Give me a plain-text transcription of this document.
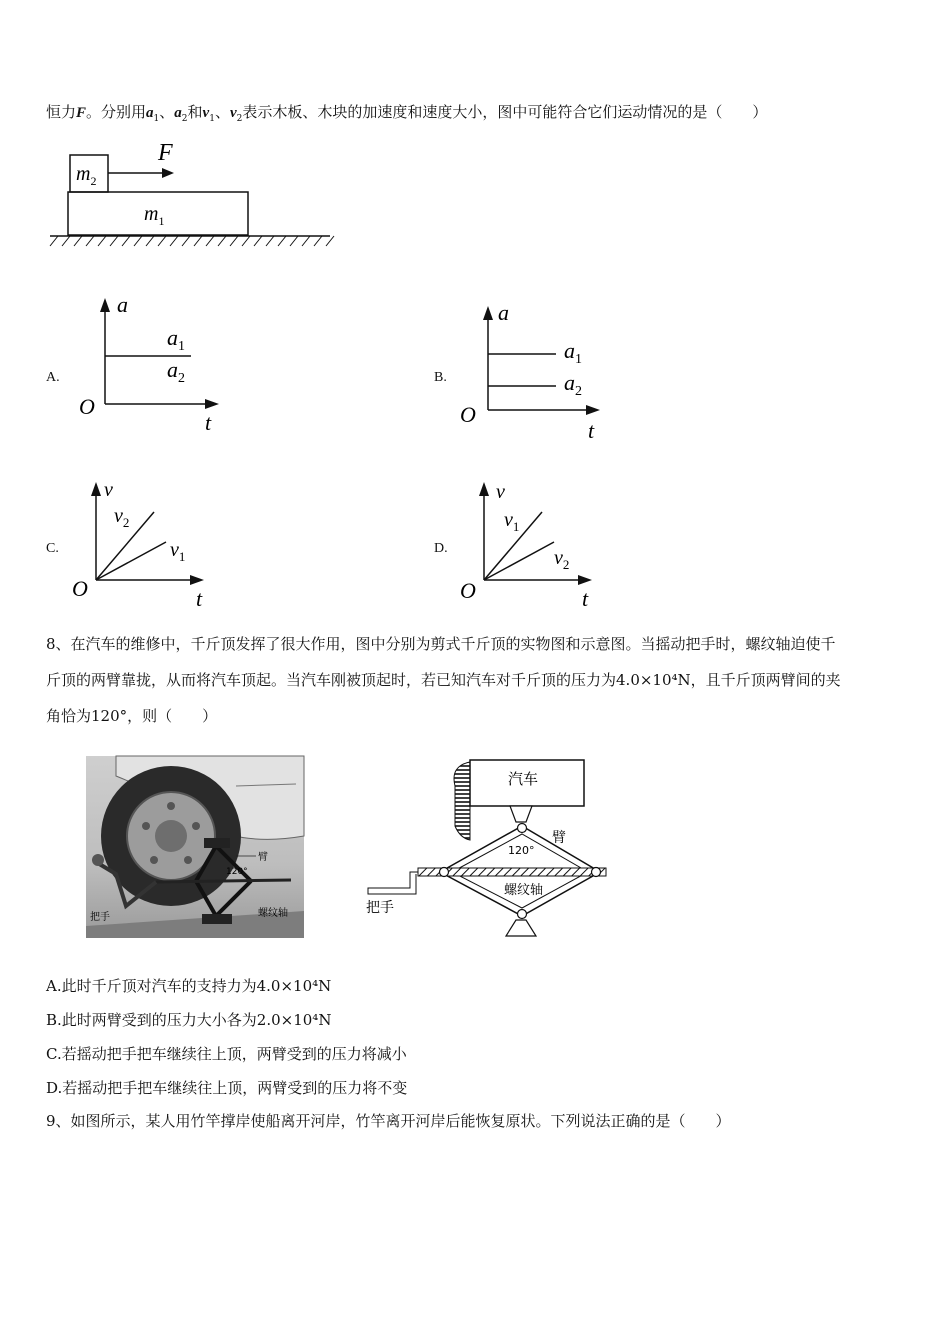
恒力F。分别用$a_1$、$a_2$和$v_1$、$v_2$表示木板、木块的加速度和速度大小，图中可能符合它们运动情况的是（　　）
$m_2$
F
$m_1$
A.
a
$a_1$
$a_2$
O
t
B.
a
$a_1$
$a_2$
O
t
C.
v
$v_2$
$v_1$
O	t
D.
v
$v_1$
$v_2$
O	t
8、在汽车的维修中，千斤顶发挥了很大作用，图中分别为剪式千斤顶的实物图和示意图。当摇动把手时，螺纹轴迫使千
斤顶的两臂靠拢，从而将汽车顶起。当汽车刚被顶起时，若已知汽车对千斤顶的压力为4.0×10⁴N，且千斤顶两臂间的夹
角恰为120°，则（　　）
臂
120°
把手	螺纹轴
汽车
臂
120°
螺纹轴
把手
A.此时千斤顶对汽车的支持力为4.0×10⁴N
B.此时两臂受到的压力大小各为2.0×10⁴N
C.若摇动把手把车继续往上顶，两臂受到的压力将减小
D.若摇动把手把车继续往上顶，两臂受到的压力将不变
9、如图所示，某人用竹竿撑岸使船离开河岸，竹竿离开河岸后能恢复原状。下列说法正确的是（　　）
